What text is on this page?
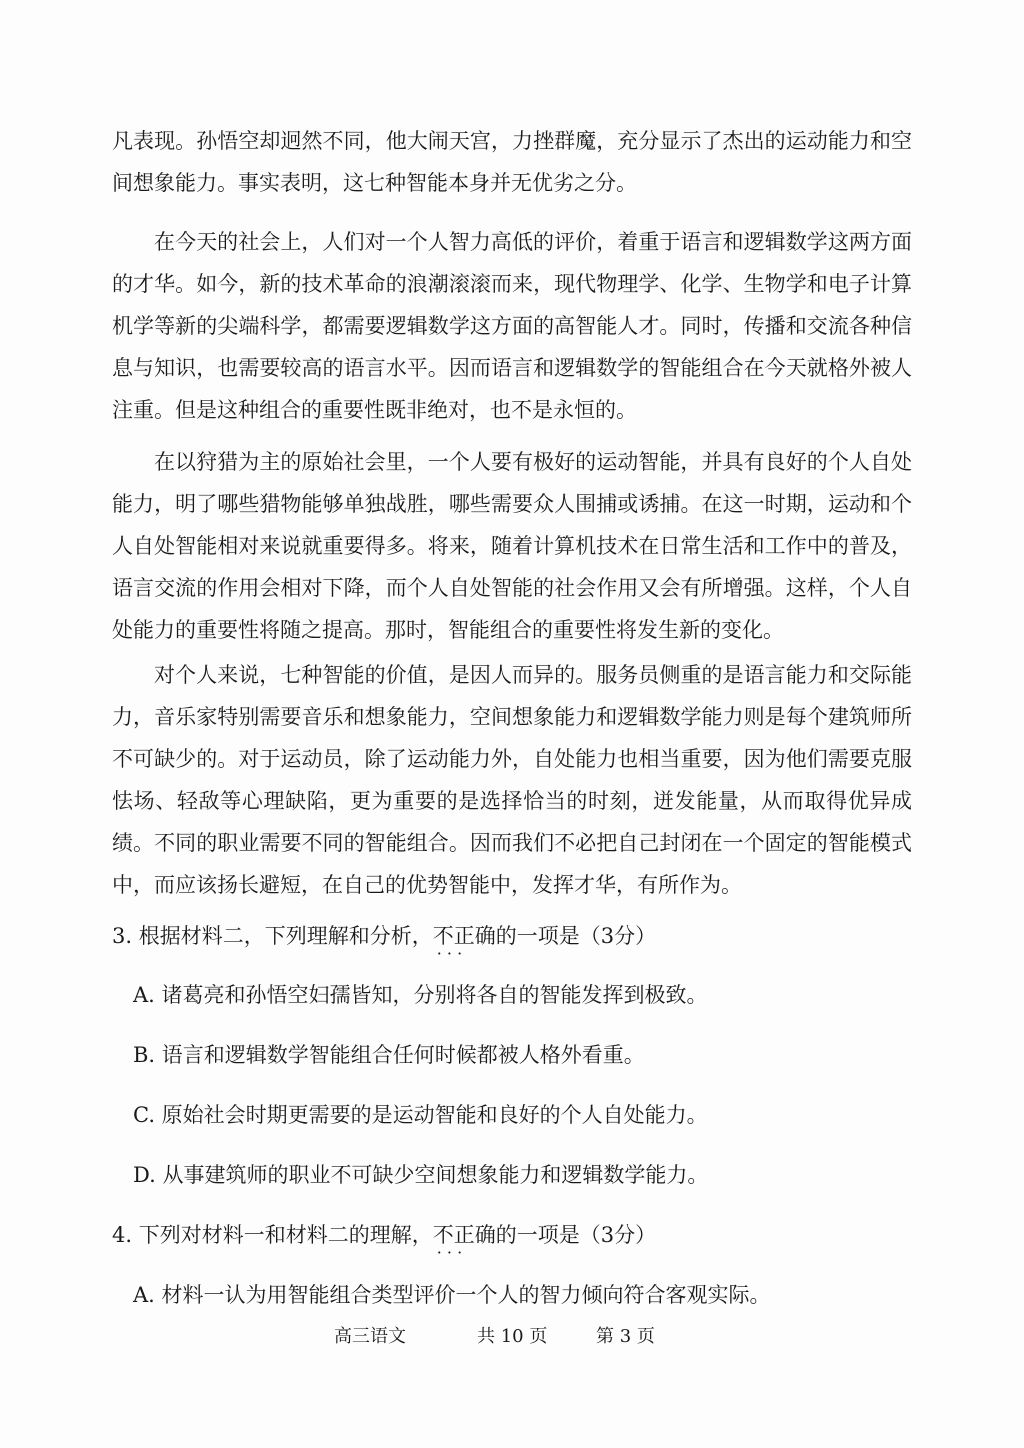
凡表现。孙悟空却迥然不同，他大闹天宫，力挫群魔，充分显示了杰出的运动能力和空间想象能力。事实表明，这七种智能本身并无优劣之分。

在今天的社会上，人们对一个人智力高低的评价，着重于语言和逻辑数学这两方面的才华。如今，新的技术革命的浪潮滚滚而来，现代物理学、化学、生物学和电子计算机学等新的尖端科学，都需要逻辑数学这方面的高智能人才。同时，传播和交流各种信息与知识，也需要较高的语言水平。因而语言和逻辑数学的智能组合在今天就格外被人注重。但是这种组合的重要性既非绝对，也不是永恒的。

在以狩猎为主的原始社会里，一个人要有极好的运动智能，并具有良好的个人自处能力，明了哪些猎物能够单独战胜，哪些需要众人围捕或诱捕。在这一时期，运动和个人自处智能相对来说就重要得多。将来，随着计算机技术在日常生活和工作中的普及，语言交流的作用会相对下降，而个人自处智能的社会作用又会有所增强。这样，个人自处能力的重要性将随之提高。那时，智能组合的重要性将发生新的变化。

对个人来说，七种智能的价值，是因人而异的。服务员侧重的是语言能力和交际能力，音乐家特别需要音乐和想象能力，空间想象能力和逻辑数学能力则是每个建筑师所不可缺少的。对于运动员，除了运动能力外，自处能力也相当重要，因为他们需要克服怯场、轻敌等心理缺陷，更为重要的是选择恰当的时刻，迸发能量，从而取得优异成绩。不同的职业需要不同的智能组合。因而我们不必把自己封闭在一个固定的智能模式中，而应该扬长避短，在自己的优势智能中，发挥才华，有所作为。

3. 根据材料二，下列理解和分析，不正确 · · ·的一项是（3分）

A. 诸葛亮和孙悟空妇孺皆知，分别将各自的智能发挥到极致。

B. 语言和逻辑数学智能组合任何时候都被人格外看重。

C. 原始社会时期更需要的是运动智能和良好的个人自处能力。

D. 从事建筑师的职业不可缺少空间想象能力和逻辑数学能力。

4. 下列对材料一和材料二的理解，不正确 · · ·的一项是（3分）

A. 材料一认为用智能组合类型评价一个人的智力倾向符合客观实际。

高三语文	共 10 页	第 3 页
